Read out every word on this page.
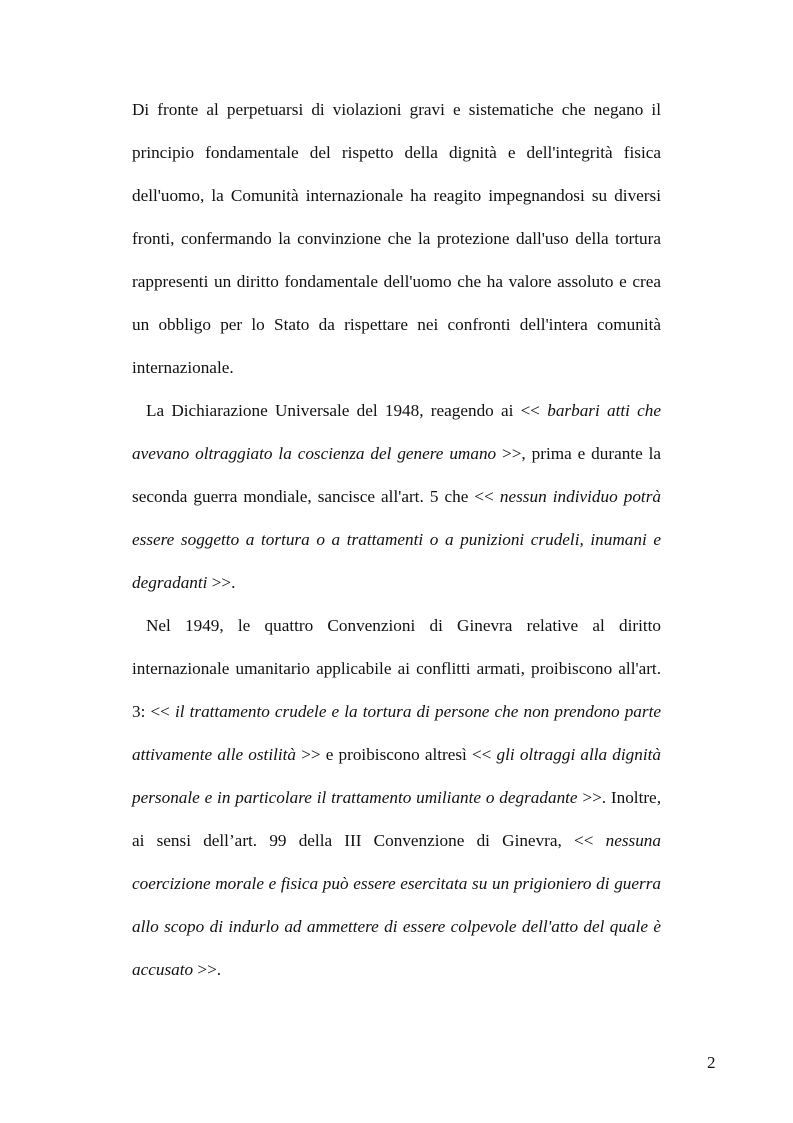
Di fronte al perpetuarsi di violazioni gravi e sistematiche che negano il principio fondamentale del rispetto della dignità e dell'integrità fisica dell'uomo, la Comunità internazionale ha reagito impegnandosi su diversi fronti, confermando la convinzione che la protezione dall'uso della tortura rappresenti un diritto fondamentale dell'uomo che ha valore assoluto e crea un obbligo per lo Stato da rispettare nei confronti dell'intera comunità internazionale.

La Dichiarazione Universale del 1948, reagendo ai << barbari atti che avevano oltraggiato la coscienza del genere umano >>, prima e durante la seconda guerra mondiale, sancisce all'art. 5 che << nessun individuo potrà essere soggetto a tortura o a trattamenti o a punizioni crudeli, inumani e degradanti >>.

Nel 1949, le quattro Convenzioni di Ginevra relative al diritto internazionale umanitario applicabile ai conflitti armati, proibiscono all'art. 3: << il trattamento crudele e la tortura di persone che non prendono parte attivamente alle ostilità >> e proibiscono altresì << gli oltraggi alla dignità personale e in particolare il trattamento umiliante o degradante >>. Inoltre, ai sensi dell’art. 99 della III Convenzione di Ginevra, << nessuna coercizione morale e fisica può essere esercitata su un prigioniero di guerra allo scopo di indurlo ad ammettere di essere colpevole dell'atto del quale è accusato >>.

2
